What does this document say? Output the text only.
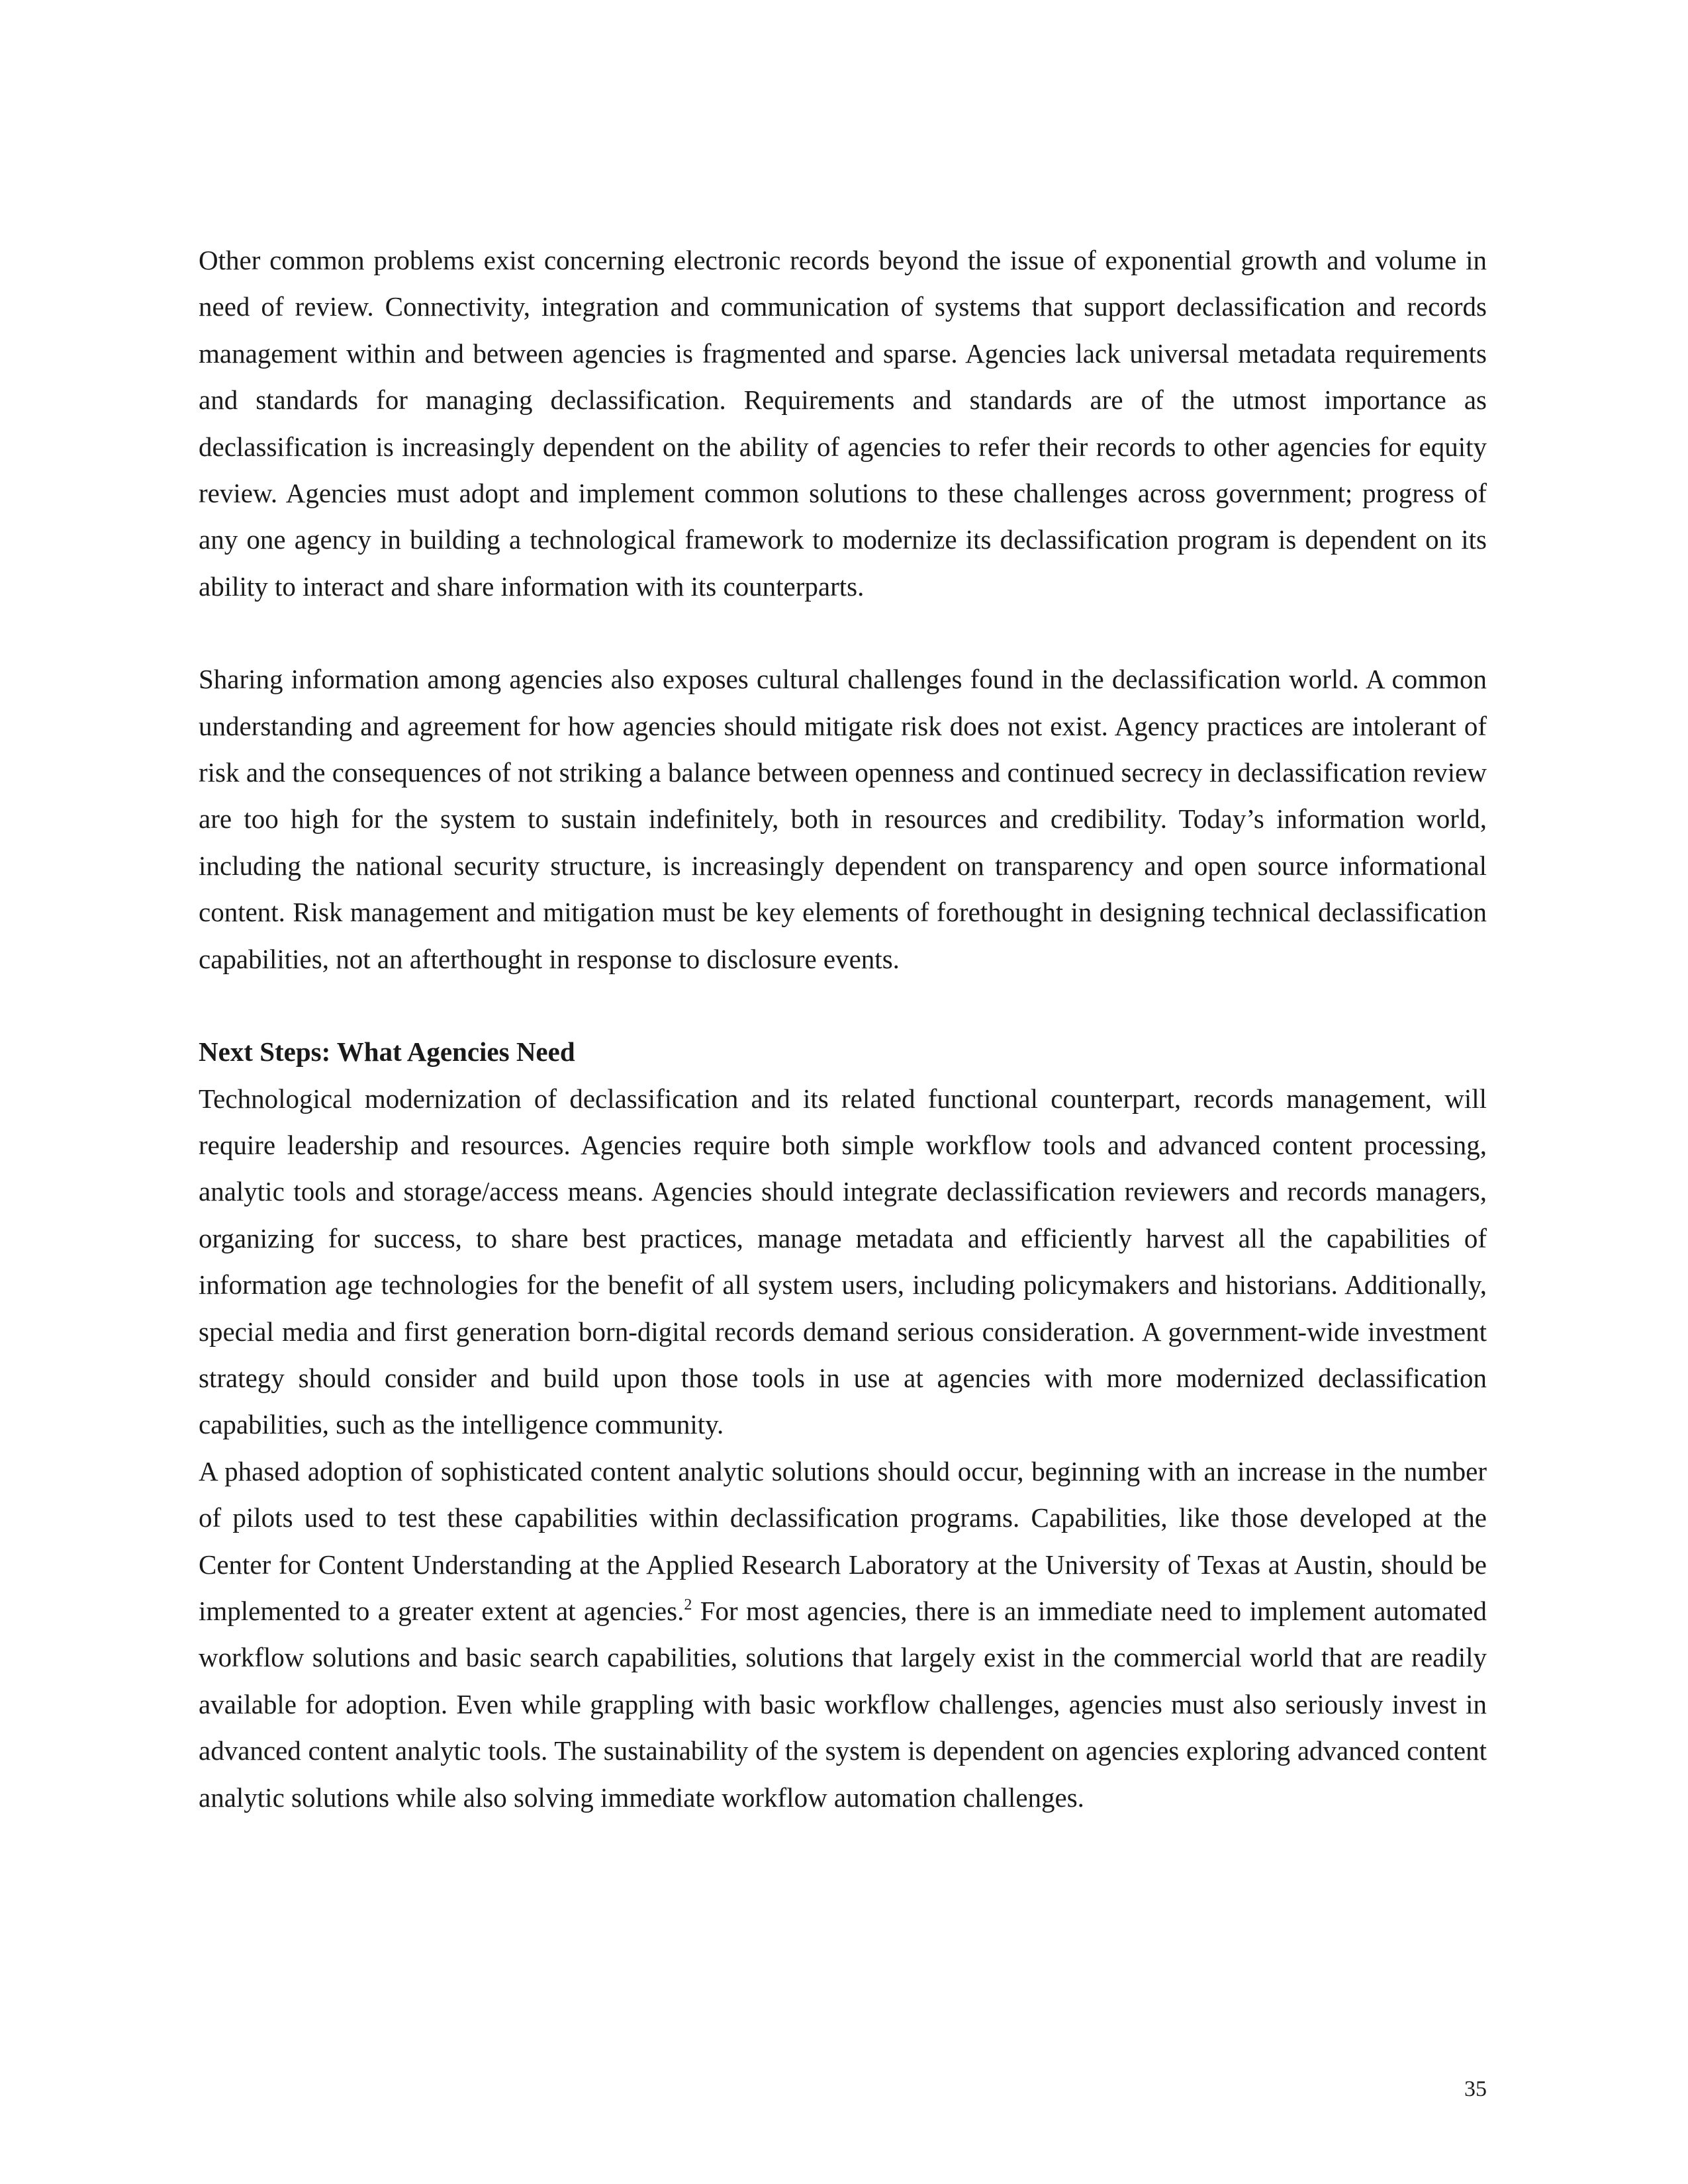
Other common problems exist concerning electronic records beyond the issue of exponential growth and volume in need of review. Connectivity, integration and communication of systems that support declassification and records management within and between agencies is fragmented and sparse. Agencies lack universal metadata requirements and standards for managing declassification. Requirements and standards are of the utmost importance as declassification is increasingly dependent on the ability of agencies to refer their records to other agencies for equity review. Agencies must adopt and implement common solutions to these challenges across government; progress of any one agency in building a technological framework to modernize its declassification program is dependent on its ability to interact and share information with its counterparts.

Sharing information among agencies also exposes cultural challenges found in the declassification world. A common understanding and agreement for how agencies should mitigate risk does not exist. Agency practices are intolerant of risk and the consequences of not striking a balance between openness and continued secrecy in declassification review are too high for the system to sustain indefinitely, both in resources and credibility. Today’s information world, including the national security structure, is increasingly dependent on transparency and open source informational content. Risk management and mitigation must be key elements of forethought in designing technical declassification capabilities, not an afterthought in response to disclosure events.

Next Steps: What Agencies Need

Technological modernization of declassification and its related functional counterpart, records management, will require leadership and resources. Agencies require both simple workflow tools and advanced content processing, analytic tools and storage/access means. Agencies should integrate declassification reviewers and records managers, organizing for success, to share best practices, manage metadata and efficiently harvest all the capabilities of information age technologies for the benefit of all system users, including policymakers and historians. Additionally, special media and first generation born-digital records demand serious consideration. A government-wide investment strategy should consider and build upon those tools in use at agencies with more modernized declassification capabilities, such as the intelligence community.

A phased adoption of sophisticated content analytic solutions should occur, beginning with an increase in the number of pilots used to test these capabilities within declassification programs. Capabilities, like those developed at the Center for Content Understanding at the Applied Research Laboratory at the University of Texas at Austin, should be implemented to a greater extent at agencies.$^2$ For most agencies, there is an immediate need to implement automated workflow solutions and basic search capabilities, solutions that largely exist in the commercial world that are readily available for adoption. Even while grappling with basic workflow challenges, agencies must also seriously invest in advanced content analytic tools. The sustainability of the system is dependent on agencies exploring advanced content analytic solutions while also solving immediate workflow automation challenges.

35
